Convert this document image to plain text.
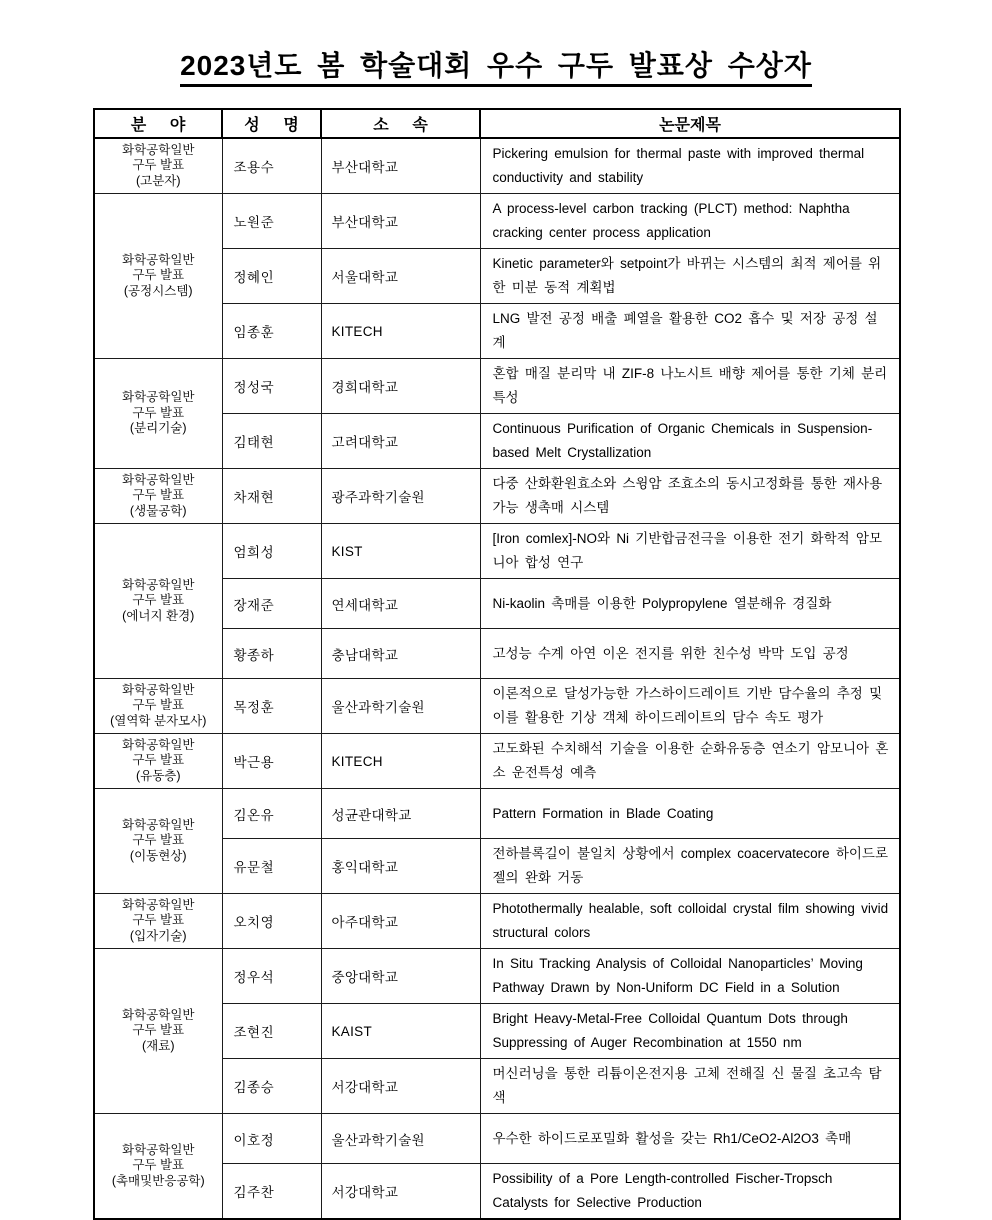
2023년도 봄 학술대회 우수 구두 발표상 수상자
분 야	성 명	소 속	논문제목

화학공학일반
구두 발표
(고분자)	조용수	부산대학교	Pickering emulsion for thermal paste with improved thermal conductivity and stability

화학공학일반
구두 발표
(공정시스템)	노원준	부산대학교	A process-level carbon tracking (PLCT) method: Naphtha cracking center process application
	정혜인	서울대학교	Kinetic parameter와 setpoint가 바뀌는 시스템의 최적 제어를 위한 미분 동적 계획법
	임종훈	KITECH	LNG 발전 공정 배출 폐열을 활용한 CO2 흡수 및 저장 공정 설계

화학공학일반
구두 발표
(분리기술)	정성국	경희대학교	혼합 매질 분리막 내 ZIF-8 나노시트 배향 제어를 통한 기체 분리 특성
	김태현	고려대학교	Continuous Purification of Organic Chemicals in Suspension-based Melt Crystallization

화학공학일반
구두 발표
(생물공학)	차재현	광주과학기술원	다중 산화환원효소와 스윙암 조효소의 동시고정화를 통한 재사용 가능 생촉매 시스템

화학공학일반
구두 발표
(에너지 환경)	엄희성	KIST	[Iron comlex]-NO와 Ni 기반합금전극을 이용한 전기 화학적 암모니아 합성 연구
	장재준	연세대학교	Ni-kaolin 촉매를 이용한 Polypropylene 열분해유 경질화
	황종하	충남대학교	고성능 수계 아연 이온 전지를 위한 친수성 박막 도입 공정

화학공학일반
구두 발표
(열역학 분자모사)	목정훈	울산과학기술원	이론적으로 달성가능한 가스하이드레이트 기반 담수율의 추정 및 이를 활용한 기상 객체 하이드레이트의 담수 속도 평가

화학공학일반
구두 발표
(유동층)	박근용	KITECH	고도화된 수치해석 기술을 이용한 순화유동층 연소기 암모니아 혼소 운전특성 예측

화학공학일반
구두 발표
(이동현상)	김온유	성균관대학교	Pattern Formation in Blade Coating
	유문철	홍익대학교	전하블록길이 불일치 상황에서 complex coacervatecore 하이드로젤의 완화 거동

화학공학일반
구두 발표
(입자기술)	오치영	아주대학교	Photothermally healable, soft colloidal crystal film showing vivid structural colors

화학공학일반
구두 발표
(재료)	정우석	중앙대학교	In Situ Tracking Analysis of Colloidal Nanoparticles’ Moving Pathway Drawn by Non-Uniform DC Field in a Solution
	조현진	KAIST	Bright Heavy-Metal-Free Colloidal Quantum Dots through Suppressing of Auger Recombination at 1550 nm
	김종승	서강대학교	머신러닝을 통한 리튬이온전지용 고체 전해질 신 물질 초고속 탐색

화학공학일반
구두 발표
(촉매및반응공학)	이호정	울산과학기술원	우수한 하이드로포밀화 활성을 갖는 Rh1/CeO2-Al2O3 촉매
	김주찬	서강대학교	Possibility of a Pore Length-controlled Fischer-Tropsch Catalysts for Selective Production
